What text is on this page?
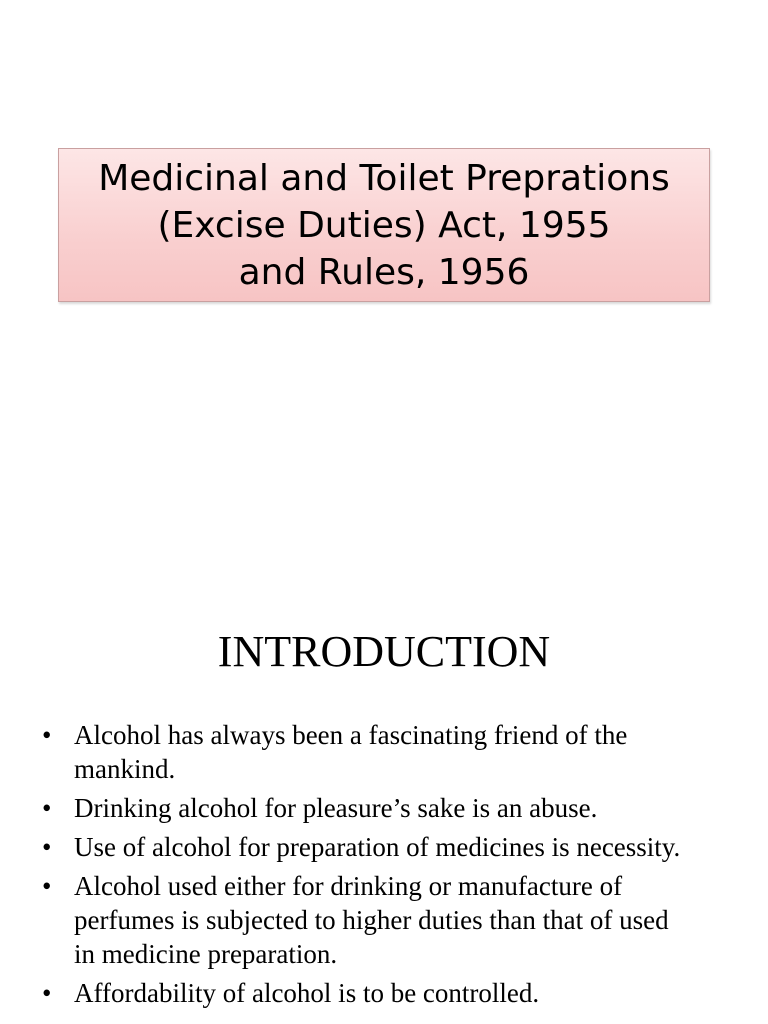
Medicinal and Toilet Preprations
(Excise Duties) Act, 1955
and Rules, 1956
INTRODUCTION
• Alcohol has always been a fascinating friend of the
mankind.
• Drinking alcohol for pleasure’s sake is an abuse.
• Use of alcohol for preparation of medicines is necessity.
• Alcohol used either for drinking or manufacture of
perfumes is subjected to higher duties than that of used
in medicine preparation.
• Affordability of alcohol is to be controlled.
